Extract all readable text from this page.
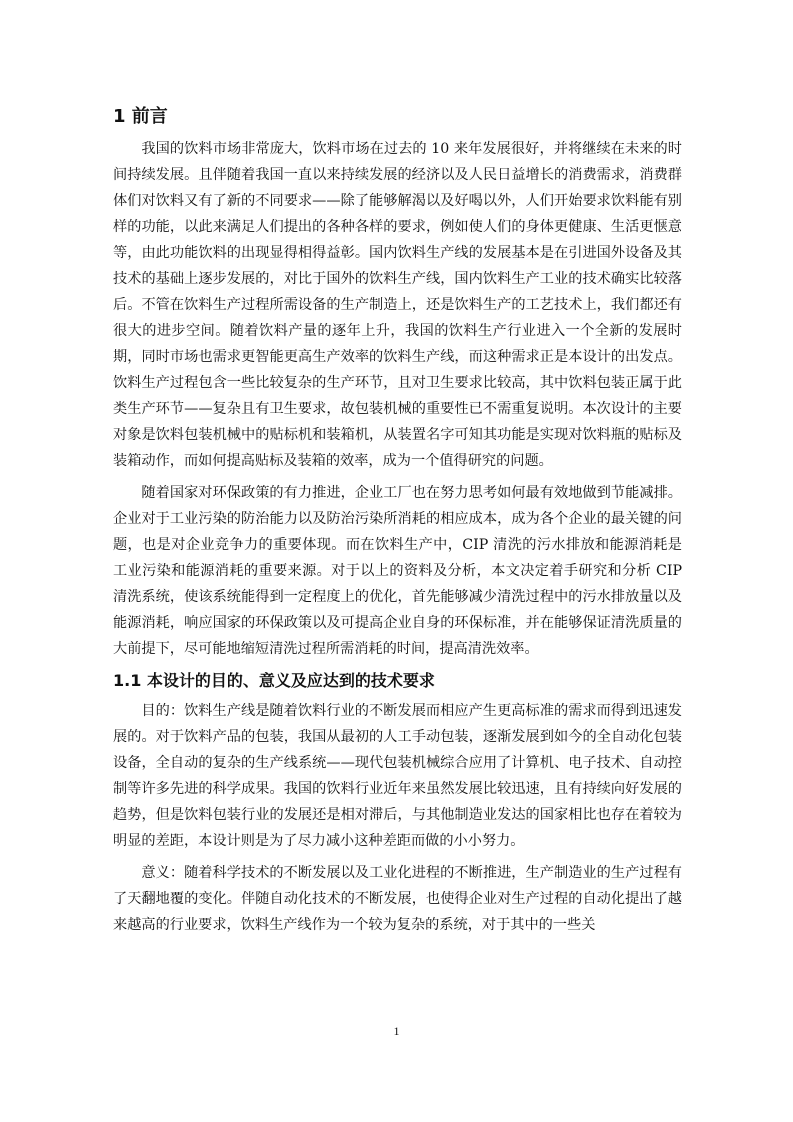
1 前言

我国的饮料市场非常庞大，饮料市场在过去的 10 来年发展很好，并将继续在未来的时间持续发展。且伴随着我国一直以来持续发展的经济以及人民日益增长的消费需求，消费群体们对饮料又有了新的不同要求——除了能够解渴以及好喝以外，人们开始要求饮料能有别样的功能，以此来满足人们提出的各种各样的要求，例如使人们的身体更健康、生活更惬意等，由此功能饮料的出现显得相得益彰。国内饮料生产线的发展基本是在引进国外设备及其技术的基础上逐步发展的，对比于国外的饮料生产线，国内饮料生产工业的技术确实比较落后。不管在饮料生产过程所需设备的生产制造上，还是饮料生产的工艺技术上，我们都还有很大的进步空间。随着饮料产量的逐年上升，我国的饮料生产行业进入一个全新的发展时期，同时市场也需求更智能更高生产效率的饮料生产线，而这种需求正是本设计的出发点。饮料生产过程包含一些比较复杂的生产环节，且对卫生要求比较高，其中饮料包装正属于此类生产环节——复杂且有卫生要求，故包装机械的重要性已不需重复说明。本次设计的主要对象是饮料包装机械中的贴标机和装箱机，从装置名字可知其功能是实现对饮料瓶的贴标及装箱动作，而如何提高贴标及装箱的效率，成为一个值得研究的问题。

随着国家对环保政策的有力推进，企业工厂也在努力思考如何最有效地做到节能减排。企业对于工业污染的防治能力以及防治污染所消耗的相应成本，成为各个企业的最关键的问题，也是对企业竞争力的重要体现。而在饮料生产中，CIP 清洗的污水排放和能源消耗是工业污染和能源消耗的重要来源。对于以上的资料及分析，本文决定着手研究和分析 CIP 清洗系统，使该系统能得到一定程度上的优化，首先能够减少清洗过程中的污水排放量以及能源消耗，响应国家的环保政策以及可提高企业自身的环保标准，并在能够保证清洗质量的大前提下，尽可能地缩短清洗过程所需消耗的时间，提高清洗效率。

1.1 本设计的目的、意义及应达到的技术要求

目的：饮料生产线是随着饮料行业的不断发展而相应产生更高标准的需求而得到迅速发展的。对于饮料产品的包装，我国从最初的人工手动包装，逐渐发展到如今的全自动化包装设备，全自动的复杂的生产线系统——现代包装机械综合应用了计算机、电子技术、自动控制等许多先进的科学成果。我国的饮料行业近年来虽然发展比较迅速，且有持续向好发展的趋势，但是饮料包装行业的发展还是相对滞后，与其他制造业发达的国家相比也存在着较为明显的差距，本设计则是为了尽力减小这种差距而做的小小努力。

意义：随着科学技术的不断发展以及工业化进程的不断推进，生产制造业的生产过程有了天翻地覆的变化。伴随自动化技术的不断发展，也使得企业对生产过程的自动化提出了越来越高的行业要求，饮料生产线作为一个较为复杂的系统，对于其中的一些关

1
